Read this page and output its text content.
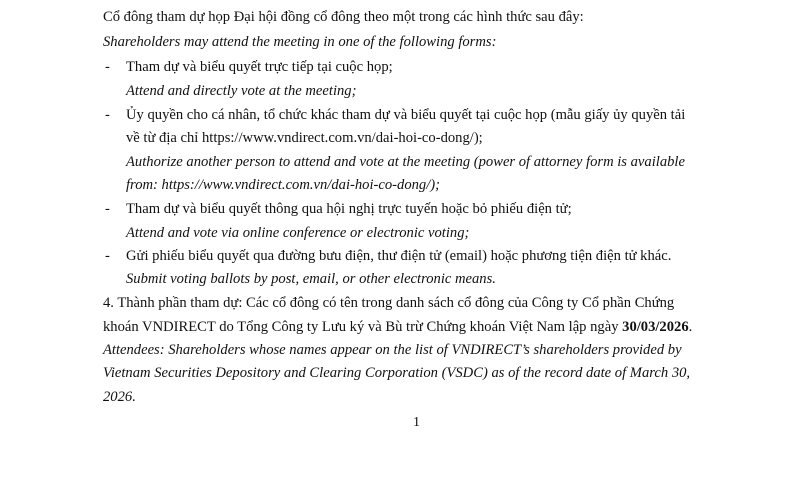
Cổ đông tham dự họp Đại hội đồng cổ đông theo một trong các hình thức sau đây:
Shareholders may attend the meeting in one of the following forms:
- Tham dự và biểu quyết trực tiếp tại cuộc họp;
Attend and directly vote at the meeting;
- Ủy quyền cho cá nhân, tổ chức khác tham dự và biểu quyết tại cuộc họp (mẫu giấy ủy quyền tải
về từ địa chỉ https://www.vndirect.com.vn/dai-hoi-co-dong/);
Authorize another person to attend and vote at the meeting (power of attorney form is available
from: https://www.vndirect.com.vn/dai-hoi-co-dong/);
- Tham dự và biểu quyết thông qua hội nghị trực tuyến hoặc bỏ phiếu điện tử;
Attend and vote via online conference or electronic voting;
- Gửi phiếu biểu quyết qua đường bưu điện, thư điện tử (email) hoặc phương tiện điện tử khác.
Submit voting ballots by post, email, or other electronic means.
4. Thành phần tham dự: Các cổ đông có tên trong danh sách cổ đông của Công ty Cổ phần Chứng
khoán VNDIRECT do Tổng Công ty Lưu ký và Bù trừ Chứng khoán Việt Nam lập ngày 30/03/2026.
Attendees: Shareholders whose names appear on the list of VNDIRECT’s shareholders provided by
Vietnam Securities Depository and Clearing Corporation (VSDC) as of the record date of March 30,
2026.
1
